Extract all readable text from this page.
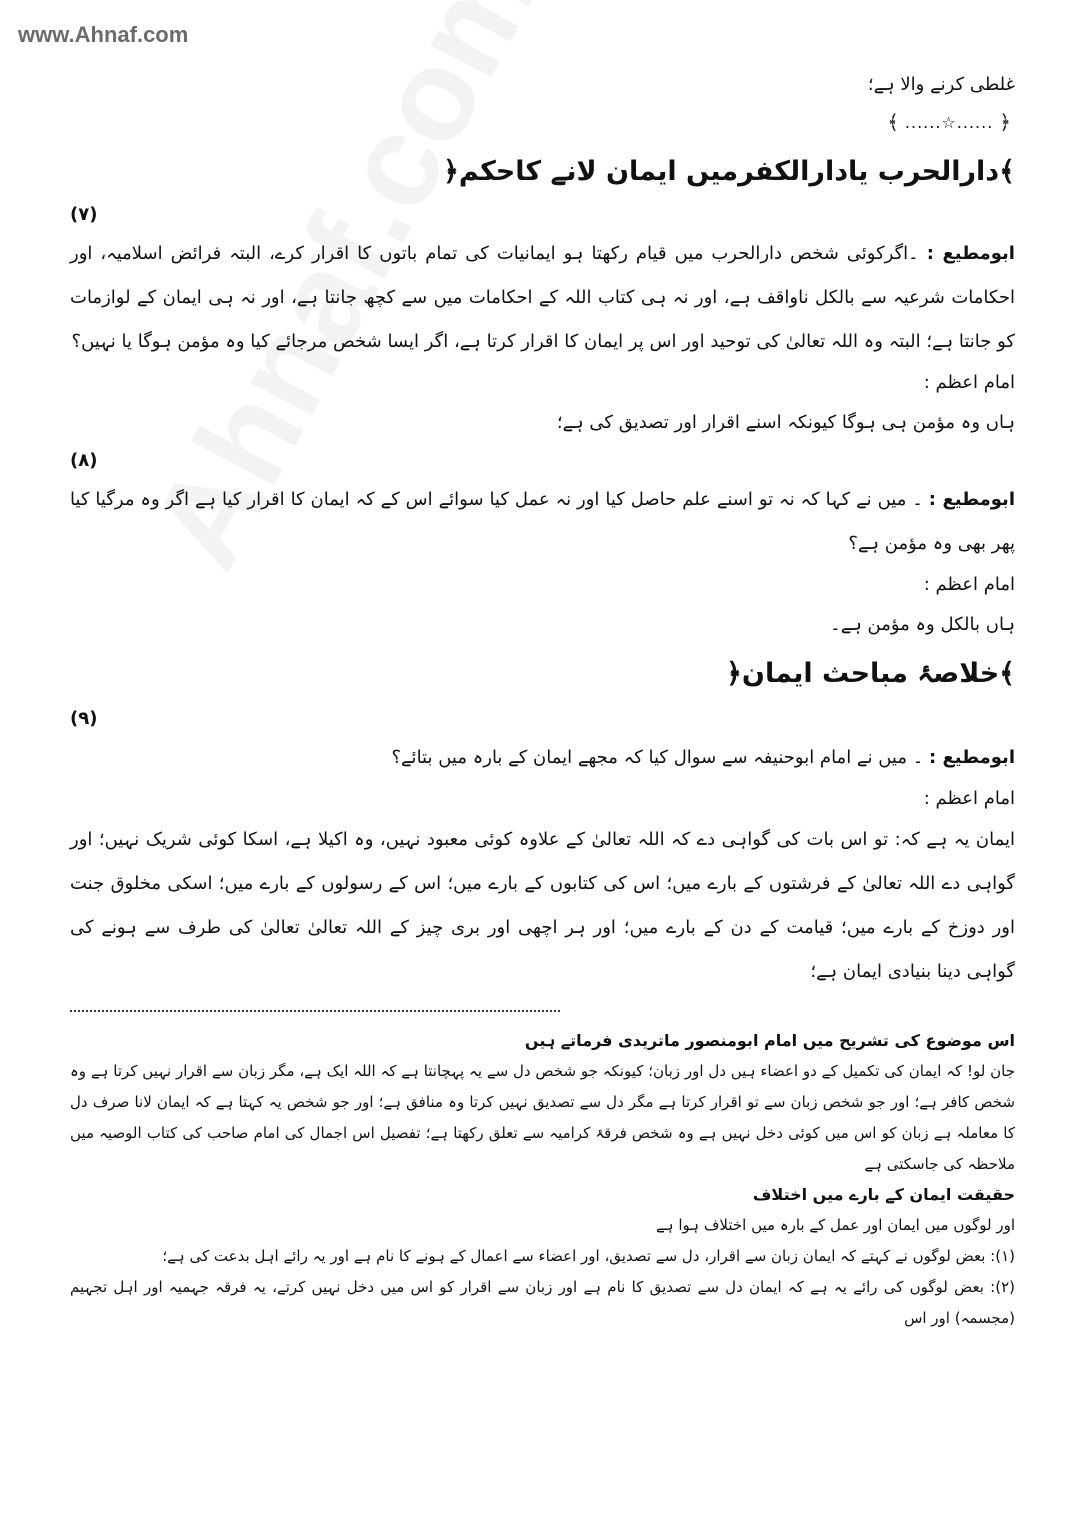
www.Ahnaf.com

غلطی کرنے والا ہے؛

﴿
......☆......
﴾
﴾دارالحرب یادارالکفرمیں ایمان لانے کاحکم﴿

(۷)

ابومطیع : ۔اگرکوئی شخص دارالحرب میں قیام رکھتا ہو ایمانیات کی تمام باتوں کا اقرار کرے، البتہ فرائض اسلامیہ، اور احکامات شرعیہ سے بالکل ناواقف ہے، اور نہ ہی کتاب اللہ کے احکامات میں سے کچھ جانتا ہے، اور نہ ہی ایمان کے لوازمات کو جانتا ہے؛ البتہ وہ اللہ تعالیٰ کی توحید اور اس پر ایمان کا اقرار کرتا ہے، اگر ایسا شخص مرجائے کیا وہ مؤمن ہوگا یا نہیں؟

امام اعظم :

ہاں وہ مؤمن ہی ہوگا کیونکہ اسنے اقرار اور تصدیق کی ہے؛

(۸)

ابومطیع : ۔ میں نے کہا کہ نہ تو اسنے علم حاصل کیا اور نہ عمل کیا سوائے اس کے کہ ایمان کا اقرار کیا ہے اگر وہ مرگیا کیا پھر بھی وہ مؤمن ہے؟

امام اعظم :

ہاں بالکل وہ مؤمن ہے۔

﴾خلاصۂ مباحث ایمان﴿

(۹)

ابومطیع : ۔ میں نے امام ابوحنیفہ سے سوال کیا کہ مجھے ایمان کے بارہ میں بتائے؟

امام اعظم :

ایمان یہ ہے کہ: تو اس بات کی گواہی دے کہ اللہ تعالیٰ کے علاوہ کوئی معبود نہیں، وہ اکیلا ہے، اسکا کوئی شریک نہیں؛ اور گواہی دے اللہ تعالیٰ کے فرشتوں کے بارے میں؛ اس کی کتابوں کے بارے میں؛ اس کے رسولوں کے بارے میں؛ اسکی مخلوق جنت اور دوزخ کے بارے میں؛ قیامت کے دن کے بارے میں؛ اور ہر اچھی اور بری چیز کے اللہ تعالیٰ تعالیٰ کی طرف سے ہونے کی گواہی دینا بنیادی ایمان ہے؛

اس موضوع کی تشریح میں امام ابومنصور ماتریدی فرماتے ہیں

جان لو! کہ ایمان کی تکمیل کے دو اعضاء ہیں دل اور زبان؛ کیونکہ جو شخص دل سے یہ پہچانتا ہے کہ اللہ ایک ہے، مگر زبان سے اقرار نہیں کرتا ہے وہ شخص کافر ہے؛ اور جو شخص زبان سے تو اقرار کرتا ہے مگر دل سے تصدیق نہیں کرتا وہ منافق ہے؛ اور جو شخص یہ کہتا ہے کہ ایمان لانا صرف دل کا معاملہ ہے زبان کو اس میں کوئی دخل نہیں ہے وہ شخص فرقۂ کرامیہ سے تعلق رکھتا ہے؛ تفصیل اس اجمال کی امام صاحب کی کتاب الوصیہ میں ملاحظہ کی جاسکتی ہے

حقیقت ایمان کے بارے میں اختلاف

اور لوگوں میں ایمان اور عمل کے بارہ میں اختلاف ہوا ہے

(۱): بعض لوگوں نے کہتے کہ ایمان زبان سے اقرار، دل سے تصدیق، اور اعضاء سے اعمال کے ہونے کا نام ہے اور یہ رائے اہل بدعت کی ہے؛

(۲): بعض لوگوں کی رائے یہ ہے کہ ایمان دل سے تصدیق کا نام ہے اور زبان سے اقرار کو اس میں دخل نہیں کرتے، یہ فرقہ جہمیہ اور اہل تجہیم (مجسمہ) اور اس
